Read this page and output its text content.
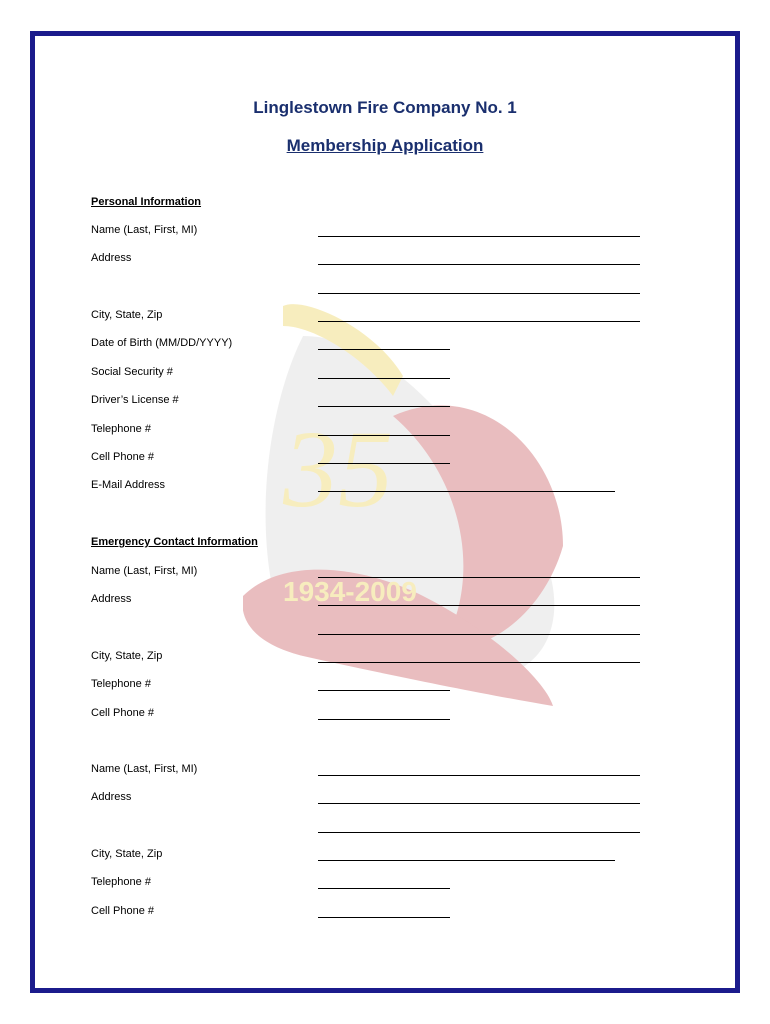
35
1934-2009
Linglestown Fire Company No. 1
Membership Application
Personal Information
Name (Last, First, MI)
Address
City, State, Zip
Date of Birth (MM/DD/YYYY)
Social Security #
Driver’s License #
Telephone #
Cell Phone #
E-Mail Address
Emergency Contact Information
Name (Last, First, MI)
Address
City, State, Zip
Telephone #
Cell Phone #
Name (Last, First, MI)
Address
City, State, Zip
Telephone #
Cell Phone #
